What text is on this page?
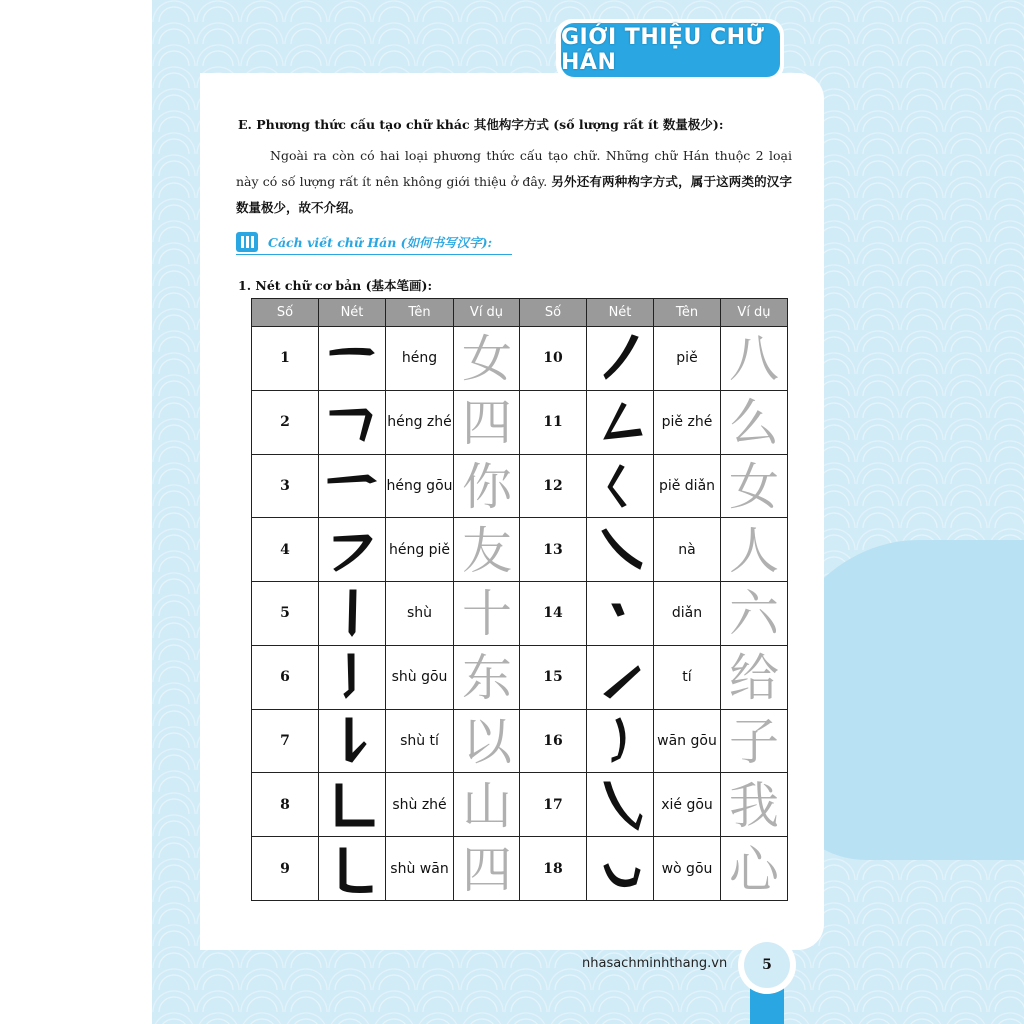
GIỚI THIỆU CHỮ HÁN
E. Phương thức cấu tạo chữ khác 其他构字方式 (số lượng rất ít 数量极少):
Ngoài ra còn có hai loại phương thức cấu tạo chữ. Những chữ Hán thuộc 2 loại này có số lượng rất ít nên không giới thiệu ở đây. 另外还有两种构字方式，属于这两类的汉字数量极少，故不介绍。
Cách viết chữ Hán (如何书写汉字):
1. Nét chữ cơ bản (基本笔画):
Số	Nét	Tên	Ví dụ	Số	Nét	Tên	Ví dụ
1		héng	女	10		piě	八

2		héng zhé	四	11		piě zhé	么

3		héng gōu	你	12		piě diǎn	女

4		héng piě	友	13		nà	人

5		shù	十	14		diǎn	六

6		shù gōu	东	15		tí	给

7		shù tí	以	16		wān gōu	子

8		shù zhé	山	17		xié gōu	我

9		shù wān	四	18		wò gōu	心
nhasachminhthang.vn	5
